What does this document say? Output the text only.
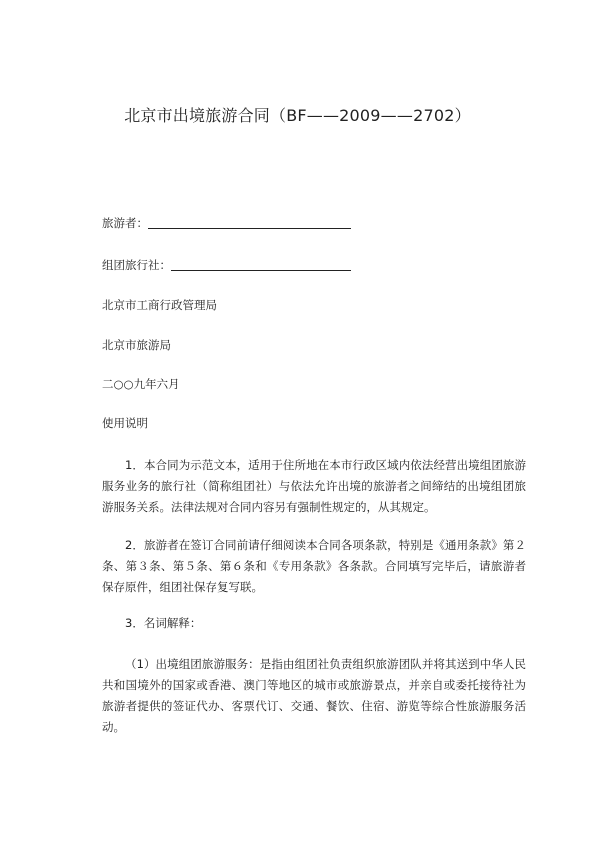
北京市出境旅游合同（BF——2009——2702）
旅游者：
组团旅行社：
北京市工商行政管理局
北京市旅游局
二○○九年六月
使用说明
1．本合同为示范文本，适用于住所地在本市行政区域内依法经营出境组团旅游服务业务的旅行社（简称组团社）与依法允许出境的旅游者之间缔结的出境组团旅游服务关系。法律法规对合同内容另有强制性规定的，从其规定。
2．旅游者在签订合同前请仔细阅读本合同各项条款，特别是《通用条款》第２条、第３条、第５条、第６条和《专用条款》各条款。合同填写完毕后，请旅游者保存原件，组团社保存复写联。
3．名词解释：
（1）出境组团旅游服务：是指由组团社负责组织旅游团队并将其送到中华人民共和国境外的国家或香港、澳门等地区的城市或旅游景点，并亲自或委托接待社为旅游者提供的签证代办、客票代订、交通、餐饮、住宿、游览等综合性旅游服务活动。
